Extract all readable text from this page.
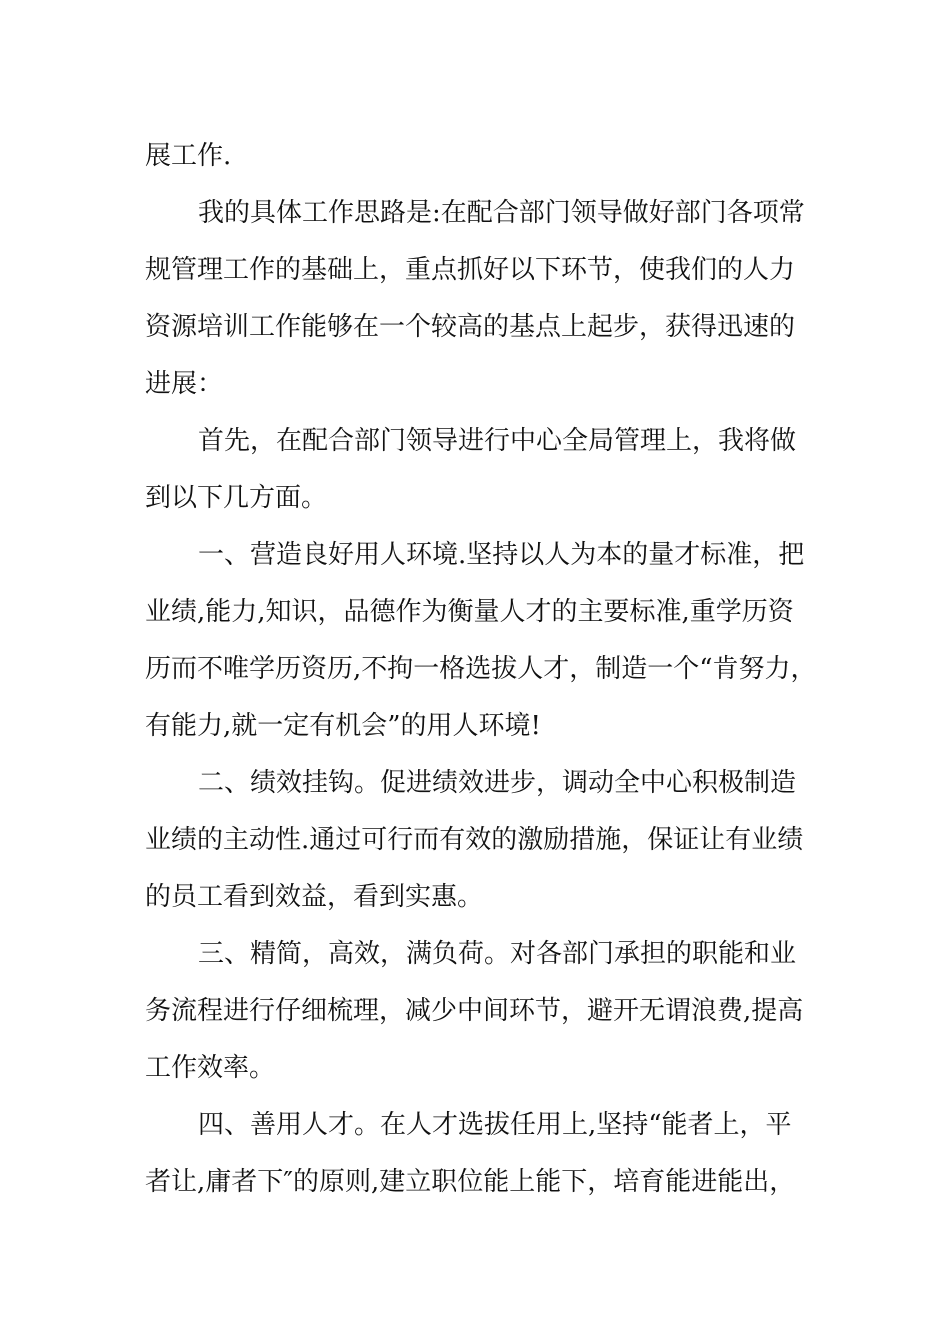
展工作.
我的具体工作思路是:在配合部门领导做好部门各项常
规管理工作的基础上，重点抓好以下环节，使我们的人力
资源培训工作能够在一个较高的基点上起步，获得迅速的
进展：
首先，在配合部门领导进行中心全局管理上，我将做
到以下几方面。
一、营造良好用人环境.坚持以人为本的量才标准，把
业绩,能力,知识，品德作为衡量人才的主要标准,重学历资
历而不唯学历资历,不拘一格选拔人才，制造一个“肯努力，
有能力,就一定有机会”的用人环境!
二、绩效挂钩。促进绩效进步，调动全中心积极制造
业绩的主动性.通过可行而有效的激励措施，保证让有业绩
的员工看到效益，看到实惠。
三、精简，高效，满负荷。对各部门承担的职能和业
务流程进行仔细梳理，减少中间环节，避开无谓浪费,提高
工作效率。
四、善用人才。在人才选拔任用上,坚持“能者上，平
者让,庸者下″的原则,建立职位能上能下，培育能进能出，
